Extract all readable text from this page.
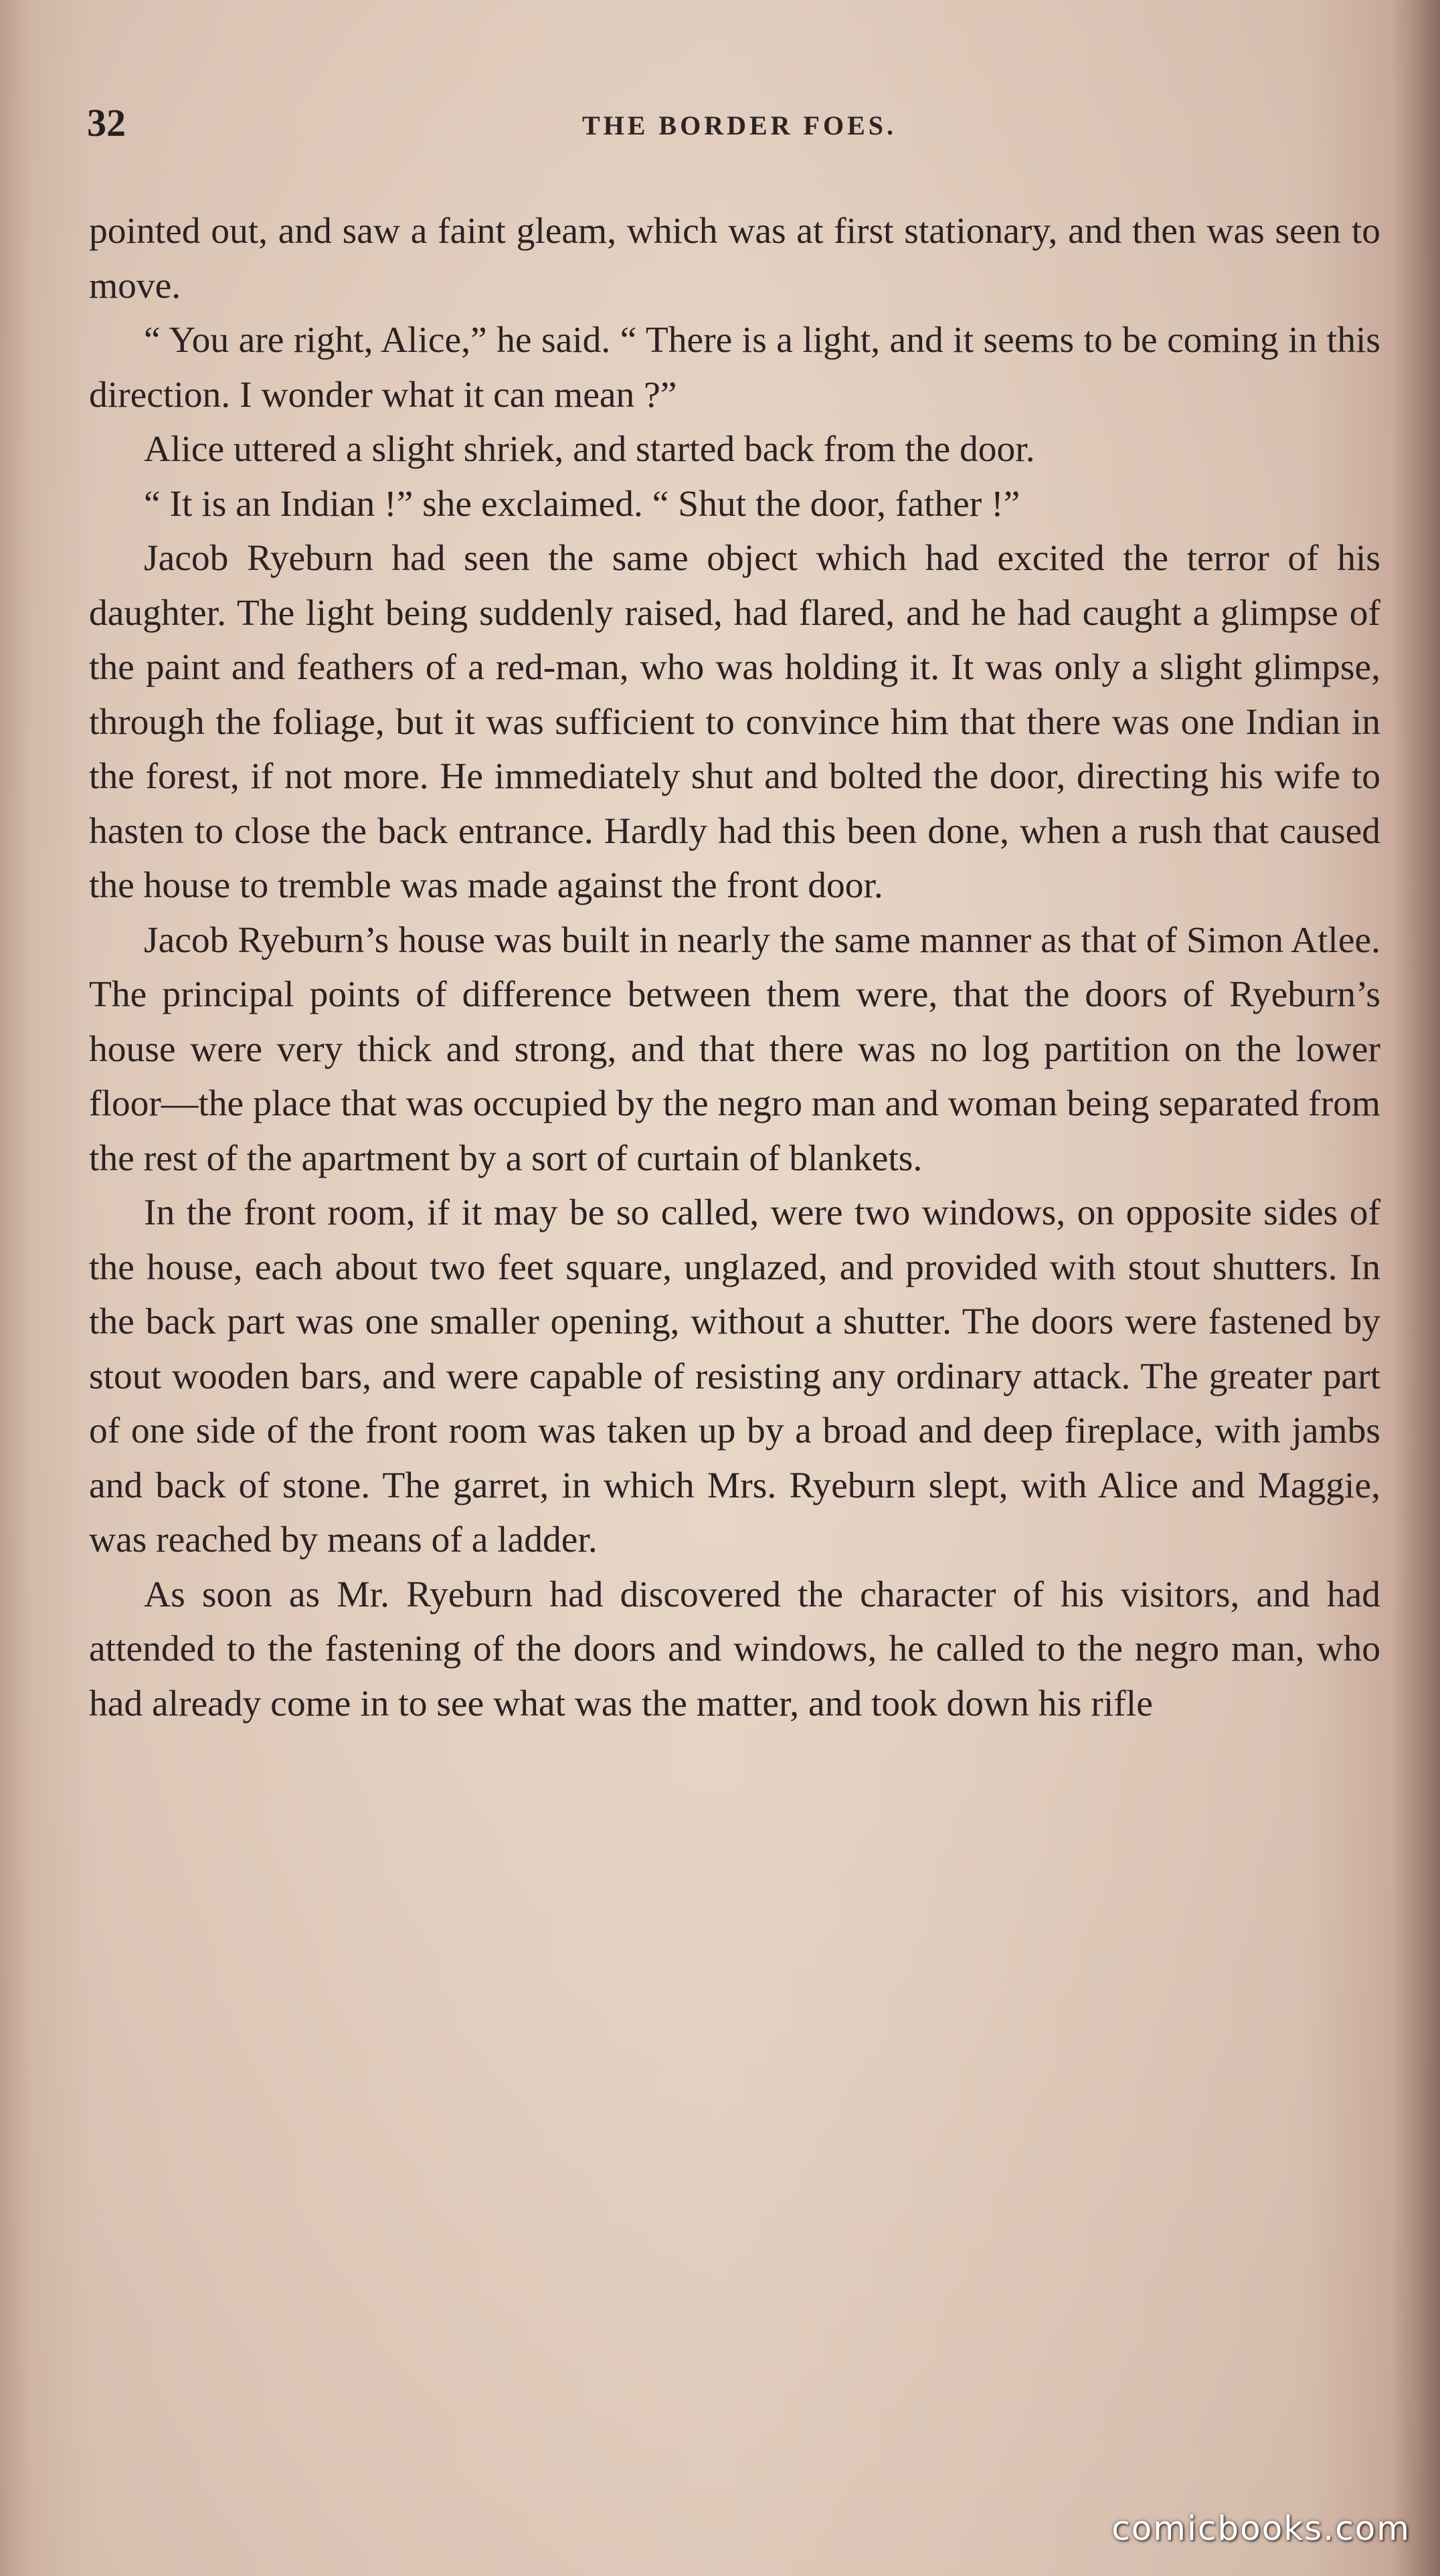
32	THE BORDER FOES.

pointed out, and saw a faint gleam, which was at first stationary, and then was seen to move.

“ You are right, Alice,” he said. “ There is a light, and it seems to be coming in this direction. I wonder what it can mean ?”

Alice uttered a slight shriek, and started back from the door.

“ It is an Indian !” she exclaimed. “ Shut the door, father !”

Jacob Ryeburn had seen the same object which had excited the terror of his daughter. The light being suddenly raised, had flared, and he had caught a glimpse of the paint and feathers of a red-man, who was holding it. It was only a slight glimpse, through the foliage, but it was sufficient to convince him that there was one Indian in the forest, if not more. He immediately shut and bolted the door, directing his wife to hasten to close the back entrance. Hardly had this been done, when a rush that caused the house to tremble was made against the front door.

Jacob Ryeburn’s house was built in nearly the same manner as that of Simon Atlee. The principal points of difference between them were, that the doors of Ryeburn’s house were very thick and strong, and that there was no log partition on the lower floor—the place that was occupied by the negro man and woman being separated from the rest of the apartment by a sort of curtain of blankets.

In the front room, if it may be so called, were two windows, on opposite sides of the house, each about two feet square, unglazed, and provided with stout shutters. In the back part was one smaller opening, without a shutter. The doors were fastened by stout wooden bars, and were capable of resisting any ordinary attack. The greater part of one side of the front room was taken up by a broad and deep fireplace, with jambs and back of stone. The garret, in which Mrs. Ryeburn slept, with Alice and Maggie, was reached by means of a ladder.

As soon as Mr. Ryeburn had discovered the character of his visitors, and had attended to the fastening of the doors and windows, he called to the negro man, who had already come in to see what was the matter, and took down his rifle

comicbooks.com
